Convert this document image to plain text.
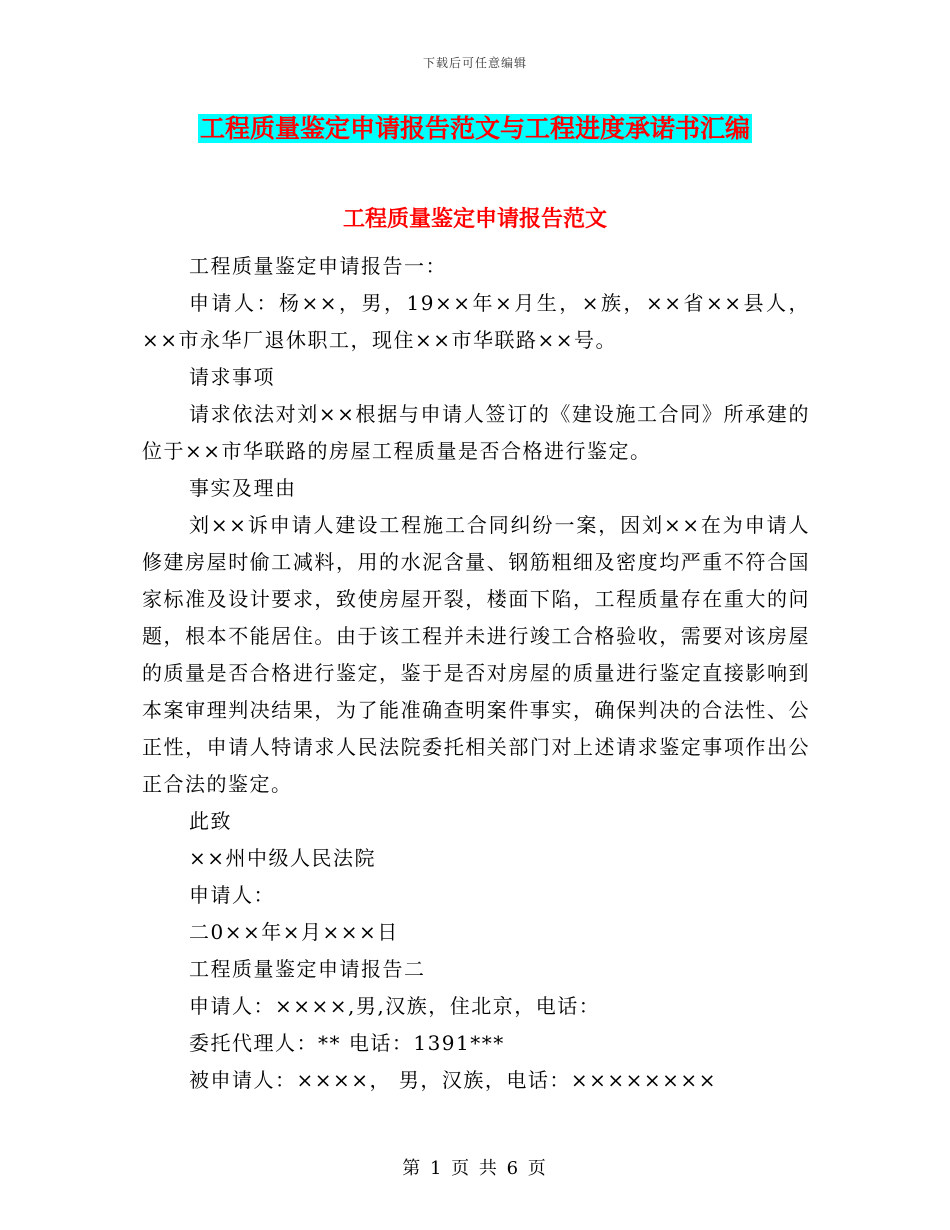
下载后可任意编辑
工程质量鉴定申请报告范文与工程进度承诺书汇编
工程质量鉴定申请报告范文

工程质量鉴定申请报告一：

申请人：杨××，男，19××年×月生，×族，××省××县人，××市永华厂退休职工，现住××市华联路××号。

请求事项

请求依法对刘××根据与申请人签订的《建设施工合同》所承建的位于××市华联路的房屋工程质量是否合格进行鉴定。

事实及理由

刘××诉申请人建设工程施工合同纠纷一案，因刘××在为申请人修建房屋时偷工减料，用的水泥含量、钢筋粗细及密度均严重不符合国家标准及设计要求，致使房屋开裂，楼面下陷，工程质量存在重大的问题，根本不能居住。由于该工程并未进行竣工合格验收，需要对该房屋的质量是否合格进行鉴定，鉴于是否对房屋的质量进行鉴定直接影响到本案审理判决结果，为了能准确查明案件事实，确保判决的合法性、公正性，申请人特请求人民法院委托相关部门对上述请求鉴定事项作出公正合法的鉴定。

此致

××州中级人民法院

申请人：

二0××年×月×××日

工程质量鉴定申请报告二

申请人：××××,男,汉族，住北京，电话：

委托代理人：** 电话：1391***

被申请人：××××， 男，汉族，电话：××××××××

第 1 页 共 6 页
